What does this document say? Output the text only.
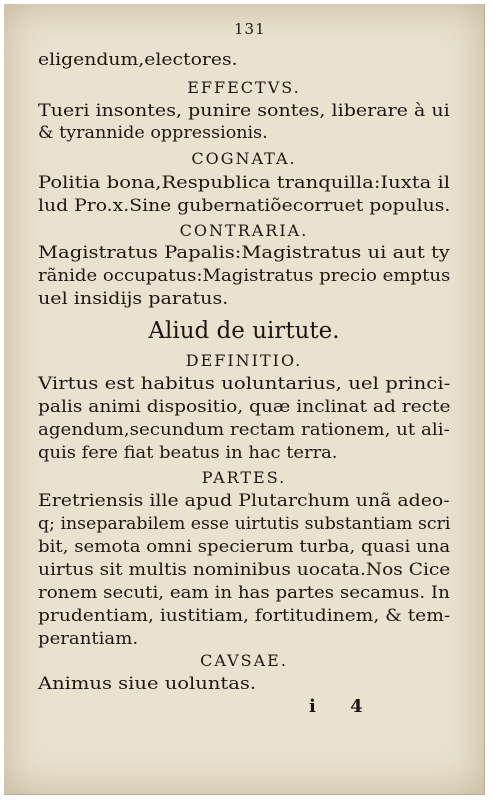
131
eligendum,electores.
EFFECTVS.
Tueri insontes, punire sontes, liberare à ui
& tyrannide oppressionis.
COGNATA.
Politia bona,Respublica tranquilla:Iuxta il
lud Pro.x.Sine gubernatiõecorruet populus.
CONTRARIA.
Magistratus Papalis:Magistratus ui aut ty
rãnide occupatus:Magistratus precio emptus
uel insidijs paratus.
Aliud de uirtute.
DEFINITIO.
Virtus est habitus uoluntarius, uel princi-
palis animi dispositio, quæ inclinat ad recte
agendum,secundum rectam rationem, ut ali-
quis fere fiat beatus in hac terra.
PARTES.
Eretriensis ille apud Plutarchum unã adeo-
q; inseparabilem esse uirtutis substantiam scri
bit, semota omni specierum turba, quasi una
uirtus sit multis nominibus uocata.Nos Cice
ronem secuti, eam in has partes secamus. In
prudentiam, iustitiam, fortitudinem, & tem-
perantiam.
CAVSAE.
Animus siue uoluntas.
i 4
